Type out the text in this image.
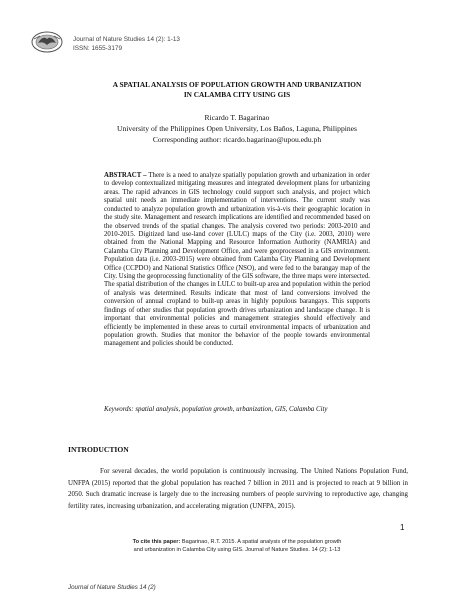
Journal of Nature Studies 14 (2): 1-13
ISSN: 1655-3179
A SPATIAL ANALYSIS OF POPULATION GROWTH AND URBANIZATION
IN CALAMBA CITY USING GIS
Ricardo T. Bagarinao
University of the Philippines Open University, Los Baños, Laguna, Philippines
Corresponding author: ricardo.bagarinao@upou.edu.ph
ABSTRACT – There is a need to analyze spatially population growth and urbanization in order to develop contextualized mitigating measures and integrated development plans for urbanizing areas. The rapid advances in GIS technology could support such analysis, and project which spatial unit needs an immediate implementation of interventions. The current study was conducted to analyze population growth and urbanization vis-à-vis their geographic location in the study site. Management and research implications are identified and recommended based on the observed trends of the spatial changes. The analysis covered two periods: 2003-2010 and 2010-2015. Digitized land use-land cover (LULC) maps of the City (i.e. 2003, 2010) were obtained from the National Mapping and Resource Information Authority (NAMRIA) and Calamba City Planning and Development Office, and were geoprocessed in a GIS environment. Population data (i.e. 2003-2015) were obtained from Calamba City Planning and Development Office (CCPDO) and National Statistics Office (NSO), and were fed to the barangay map of the City. Using the geoprocessing functionality of the GIS software, the three maps were intersected. The spatial distribution of the changes in LULC to built-up area and population within the period of analysis was determined. Results indicate that most of land conversions involved the conversion of annual cropland to built-up areas in highly populous barangays. This supports findings of other studies that population growth drives urbanization and landscape change. It is important that environmental policies and management strategies should effectively and efficiently be implemented in these areas to curtail environmental impacts of urbanization and population growth. Studies that monitor the behavior of the people towards environmental management and policies should be conducted.
Keywords: spatial analysis, population growth, urbanization, GIS, Calamba City
INTRODUCTION
For several decades, the world population is continuously increasing. The United Nations Population Fund, UNFPA (2015) reported that the global population has reached 7 billion in 2011 and is projected to reach at 9 billion in 2050. Such dramatic increase is largely due to the increasing numbers of people surviving to reproductive age, changing fertility rates, increasing urbanization, and accelerating migration (UNFPA, 2015).
1
To cite this paper: Bagarinao, R.T. 2015. A spatial analysis of the population growth
and urbanization in Calamba City using GIS. Journal of Nature Studies. 14 (2): 1-13
Journal of Nature Studies 14 (2)
